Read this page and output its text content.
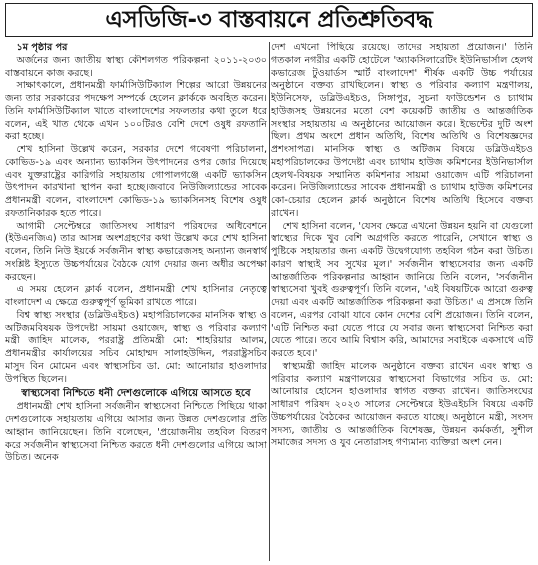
এসডিজি-৩ বাস্তবায়নে প্রতিশ্রুতিবদ্ধ

১ম পৃষ্ঠার পর

অর্জনের জন্য জাতীয় স্বাস্থ্য কৌশলগত পরিকল্পনা ২০১১-২০৩০ বাস্তবায়নে কাজ করছে।

সাক্ষাৎকালে, প্রধানমন্ত্রী ফার্মাসিউটিক্যাল শিল্পের আরো উন্নয়নের জন্য তার সরকারের পদক্ষেপ সম্পর্কে হেলেন ক্লার্ককে অবহিত করেন। তিনি ফার্মাসিউটিক্যাল খাতে বাংলাদেশের সফলতার কথা তুলে ধরে বলেন, এই খাত থেকে এখন ১০০টিরও বেশি দেশে ওষুধ রফতানি করা হচ্ছে।

শেখ হাসিনা উল্লেখ করেন, সরকার দেশে গবেষণা পরিচালনা, কোভিড-১৯ এবং অন্যান্য ভ্যাকসিন উৎপাদনের ওপর জোর দিয়েছে এবং যুক্তরাষ্ট্রের কারিগরি সহায়তায় গোপালগঞ্জে একটি ভ্যাকসিন উৎপাদন কারখানা স্থাপন করা হচ্ছে।জবাবে নিউজিল্যান্ডের সাবেক প্রধানমন্ত্রী বলেন, বাংলাদেশ কোভিড-১৯ ভ্যাকসিনসহ বিশেষ ওষুধ রফতানিকারক হতে পারে।

আগামী সেপ্টেম্বরে জাতিসংঘ সাধারণ পরিষদের অধিবেশনে (ইউএনজিএ) তার আসন্ন অংশগ্রহণের কথা উল্লেখ করে শেখ হাসিনা বলেন, তিনি নিউ ইয়র্কে সর্বজনীন স্বাস্থ্য কভারেজসহ অন্যান্য জনস্বার্থ সংশ্লিষ্ট ইস্যুতে উচ্চপর্যায়ের বৈঠকে যোগ দেয়ার জন্য অধীর অপেক্ষা করছেন।

এ সময় হেলেন ক্লার্ক বলেন, প্রধানমন্ত্রী শেখ হাসিনার নেতৃত্বে বাংলাদেশ এ ক্ষেত্রে গুরুত্বপূর্ণ ভূমিকা রাখতে পারে।

বিশ্ব স্বাস্থ্য সংস্থার (ডব্লিউএইচও) মহাপরিচালকের মানসিক স্বাস্থ্য ও অটিজমবিষয়ক উপদেষ্টা সায়মা ওয়াজেদ, স্বাস্থ্য ও পরিবার কল্যাণ মন্ত্রী জাহিদ মালেক, পররাষ্ট্র প্রতিমন্ত্রী মো: শাহরিয়ার আলম, প্রধানমন্ত্রীর কার্যালয়ের সচিব মোহাম্মদ সালাহউদ্দিন, পররাষ্ট্রসচিব মাসুদ বিন মোমেন এবং স্বাস্থ্যসচিব ডা. মো: আনোয়ার হাওলাদার উপস্থিত ছিলেন।

স্বাস্থ্যসেবা নিশ্চিতে ধনী দেশগুলোকে এগিয়ে আসতে হবে

প্রধানমন্ত্রী শেখ হাসিনা সর্বজনীন স্বাস্থ্যসেবা নিশ্চিতে পিছিয়ে থাকা দেশগুলোকে সহায়তায় এগিয়ে আসার জন্য উন্নত দেশগুলোর প্রতি আহ্বান জানিয়েছেন। তিনি বলেছেন, 'প্রয়োজনীয় তহবিল বিতরণ করে সর্বজনীন স্বাস্থ্যসেবা নিশ্চিত করতে ধনী দেশগুলোর এগিয়ে আসা উচিত। অনেক

দেশ এখনো পিছিয়ে রয়েছে। তাদের সহায়তা প্রয়োজন।' তিনি গতকাল নগরীর একটি হোটেলে 'অ্যাকসিলারেটিং ইউনিভার্সাল হেলথ কভারেজ টুওয়ার্ডস স্মার্ট বাংলাদেশ' শীর্ষক একটি উচ্চ পর্যায়ের অনুষ্ঠানে বক্তব্য রাখছিলেন। স্বাস্থ্য ও পরিবার কল্যাণ মন্ত্রণালয়, ইউনিসেফ, ডব্লিউএইচও, সিঙ্গাপুর, সুচনা ফাউন্ডেশন ও চ্যাথাম হাউজসহ উন্নয়নের মতো বেশ কয়েকটি জাতীয় ও আন্তর্জাতিক সংস্থার সহায়তায় এ অনুষ্ঠানের আয়োজন করে। ইভেন্টের দুটি অংশ ছিল। প্রথম অংশে প্রধান অতিথি, বিশেষ অতিথি ও বিশেষজ্ঞদের প্রশংসাপত্র। মানসিক স্বাস্থ্য ও অটিজম বিষয়ে ডব্লিউএইচও মহাপরিচালকের উপদেষ্টা এবং চ্যাথাম হাউজ কমিশনের ইউনিভার্সাল হেলথ-বিষয়ক সম্মানিত কমিশনার সায়মা ওয়াজেদ এটি পরিচালনা করেন। নিউজিল্যান্ডের সাবেক প্রধানমন্ত্রী ও চ্যাথাম হাউজ কমিশনের কো-চেয়ার হেলেন ক্লার্ক অনুষ্ঠানে বিশেষ অতিথি হিসেবে বক্তব্য রাখেন।

শেখ হাসিনা বলেন, 'যেসব ক্ষেত্রে এখনো উন্নয়ন হয়নি বা যেগুলো স্বাস্থ্যের দিকে খুব বেশি অগ্রগতি করতে পারেনি, সেখানে স্বাস্থ্য ও পুষ্টিকে সহায়তার জন্য একটি উদ্বেগযোগ্য তহবিল গঠন করা উচিত। কারণ স্বাস্থ্যই সব সুখের মূল।' সর্বজনীন স্বাস্থ্যসেবার জন্য একটি আন্তর্জাতিক পরিকল্পনার আহ্বান জানিয়ে তিনি বলেন, 'সর্বজনীন স্বাস্থ্যসেবা খুবই গুরুত্বপূর্ণ। তিনি বলেন, 'এই বিষয়টিকে আরো গুরুত্ব দেয়া এবং একটি আন্তর্জাতিক পরিকল্পনা করা উচিত।' এ প্রসঙ্গে তিনি বলেন, এরপর বোঝা যাবে কোন দেশের বেশি প্রয়োজন। তিনি বলেন, 'এটি নিশ্চিত করা যেতে পারে যে সবার জন্য স্বাস্থ্যসেবা নিশ্চিত করা যেতে পারে। তবে আমি বিশ্বাস করি, আমাদের সবাইকে একসাথে এটি করতে হবে।'

স্বাস্থ্যমন্ত্রী জাহিদ মালেক অনুষ্ঠানে বক্তব্য রাখেন এবং স্বাস্থ্য ও পরিবার কল্যাণ মন্ত্রণালয়ের স্বাস্থ্যসেবা বিভাগের সচিব ড. মো: আনোয়ার হোসেন হাওলাদার স্বাগত বক্তব্য রাখেন। জাতিসংঘের সাধারণ পরিষদ ২০২৩ সালের সেপ্টেম্বরে ইউএইচসি বিষয়ে একটি উচ্চপর্যায়ের বৈঠকের আয়োজন করতে যাচ্ছে। অনুষ্ঠানে মন্ত্রী, সংসদ সদস্য, জাতীয় ও আন্তর্জাতিক বিশেষজ্ঞ, উন্নয়ন কর্মকর্তা, সুশীল সমাজের সদস্য ও যুব নেতারাসহ গণ্যমান্য ব্যক্তিরা অংশ নেন।
